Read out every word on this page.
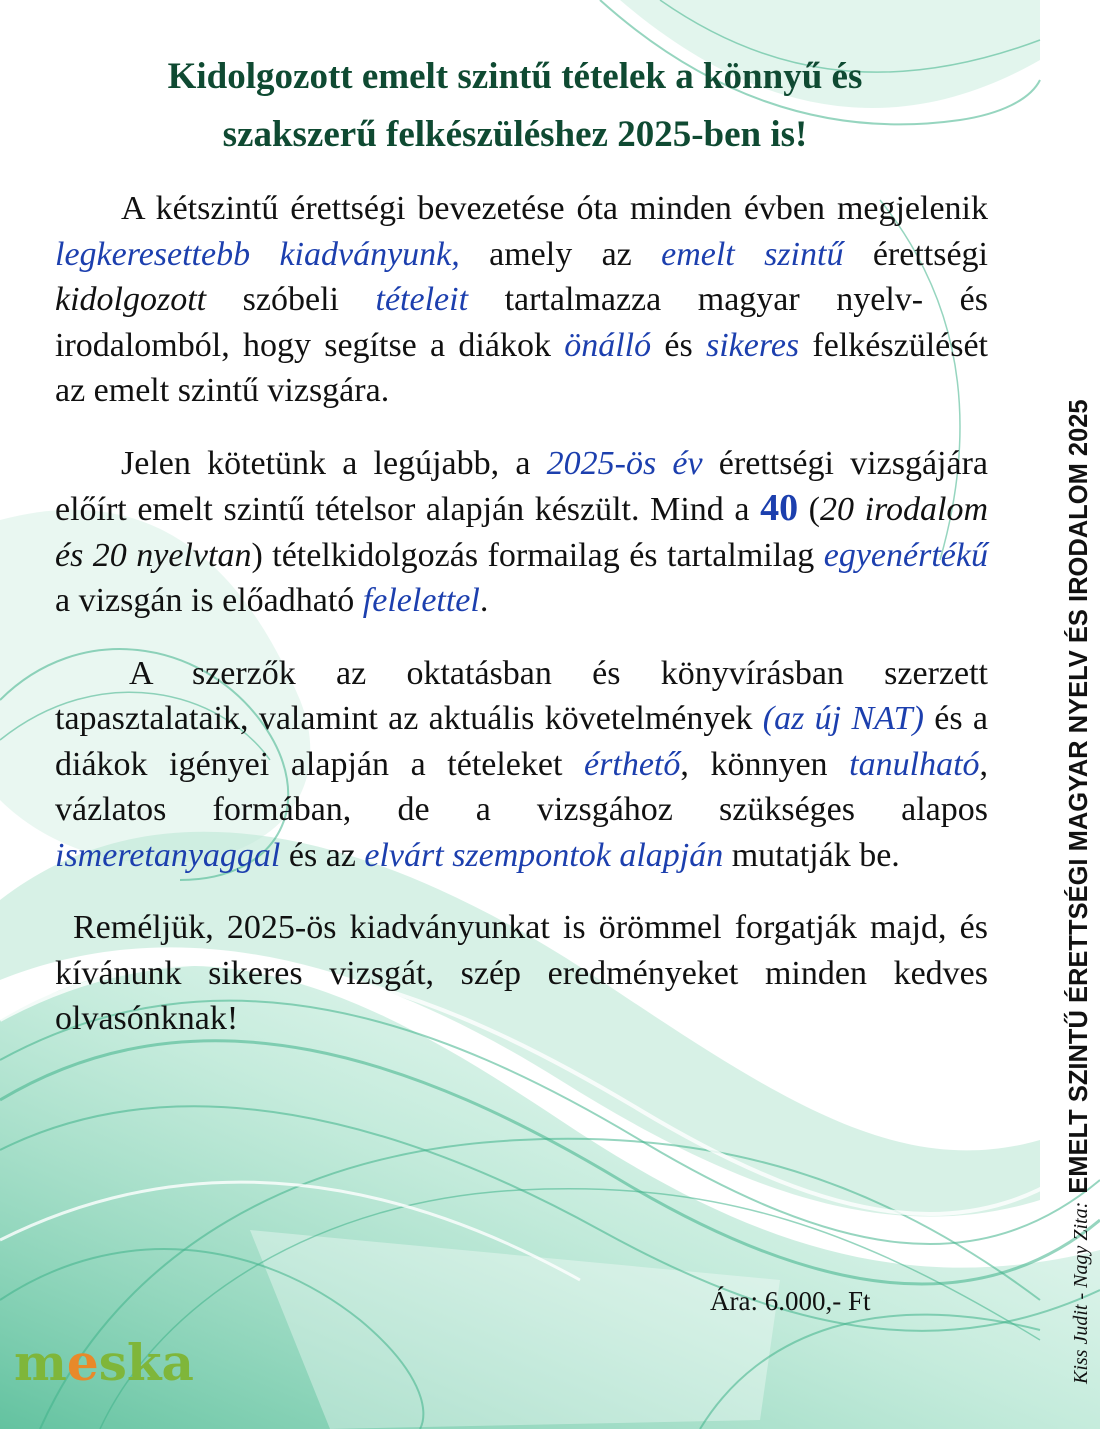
Kidolgozott emelt szintű tételek a könnyű és
szakszerű felkészüléshez 2025-ben is!

A kétszintű érettségi bevezetése óta minden évben megjelenik legkeresettebb kiadványunk, amely az emelt szintű érettségi kidolgozott szóbeli tételeit tartalmazza magyar nyelv- és irodalomból, hogy segítse a diákok önálló és sikeres felkészülését az emelt szintű vizsgára.

Jelen kötetünk a legújabb, a 2025-ös év érettségi vizsgájára előírt emelt szintű tételsor alapján készült. Mind a 40 (20 irodalom és 20 nyelvtan) tételkidolgozás formailag és tartalmilag egyenértékű a vizsgán is előadható felelettel.

A szerzők az oktatásban és könyvírásban szerzett tapasztalataik, valamint az aktuális követelmények (az új NAT) és a diákok igényei alapján a tételeket érthető, könnyen tanulható, vázlatos formában, de a vizsgához szükséges alapos ismeretanyaggal és az elvárt szempontok alapján mutatják be.

Reméljük, 2025-ös kiadványunkat is örömmel forgatják majd, és kívánunk sikeres vizsgát, szép eredményeket minden kedves olvasónknak!

Ára: 6.000,- Ft
meska	Kiss Judit - Nagy Zita: EMELT SZINTŰ ÉRETTSÉGI MAGYAR NYELV ÉS IRODALOM 2025
